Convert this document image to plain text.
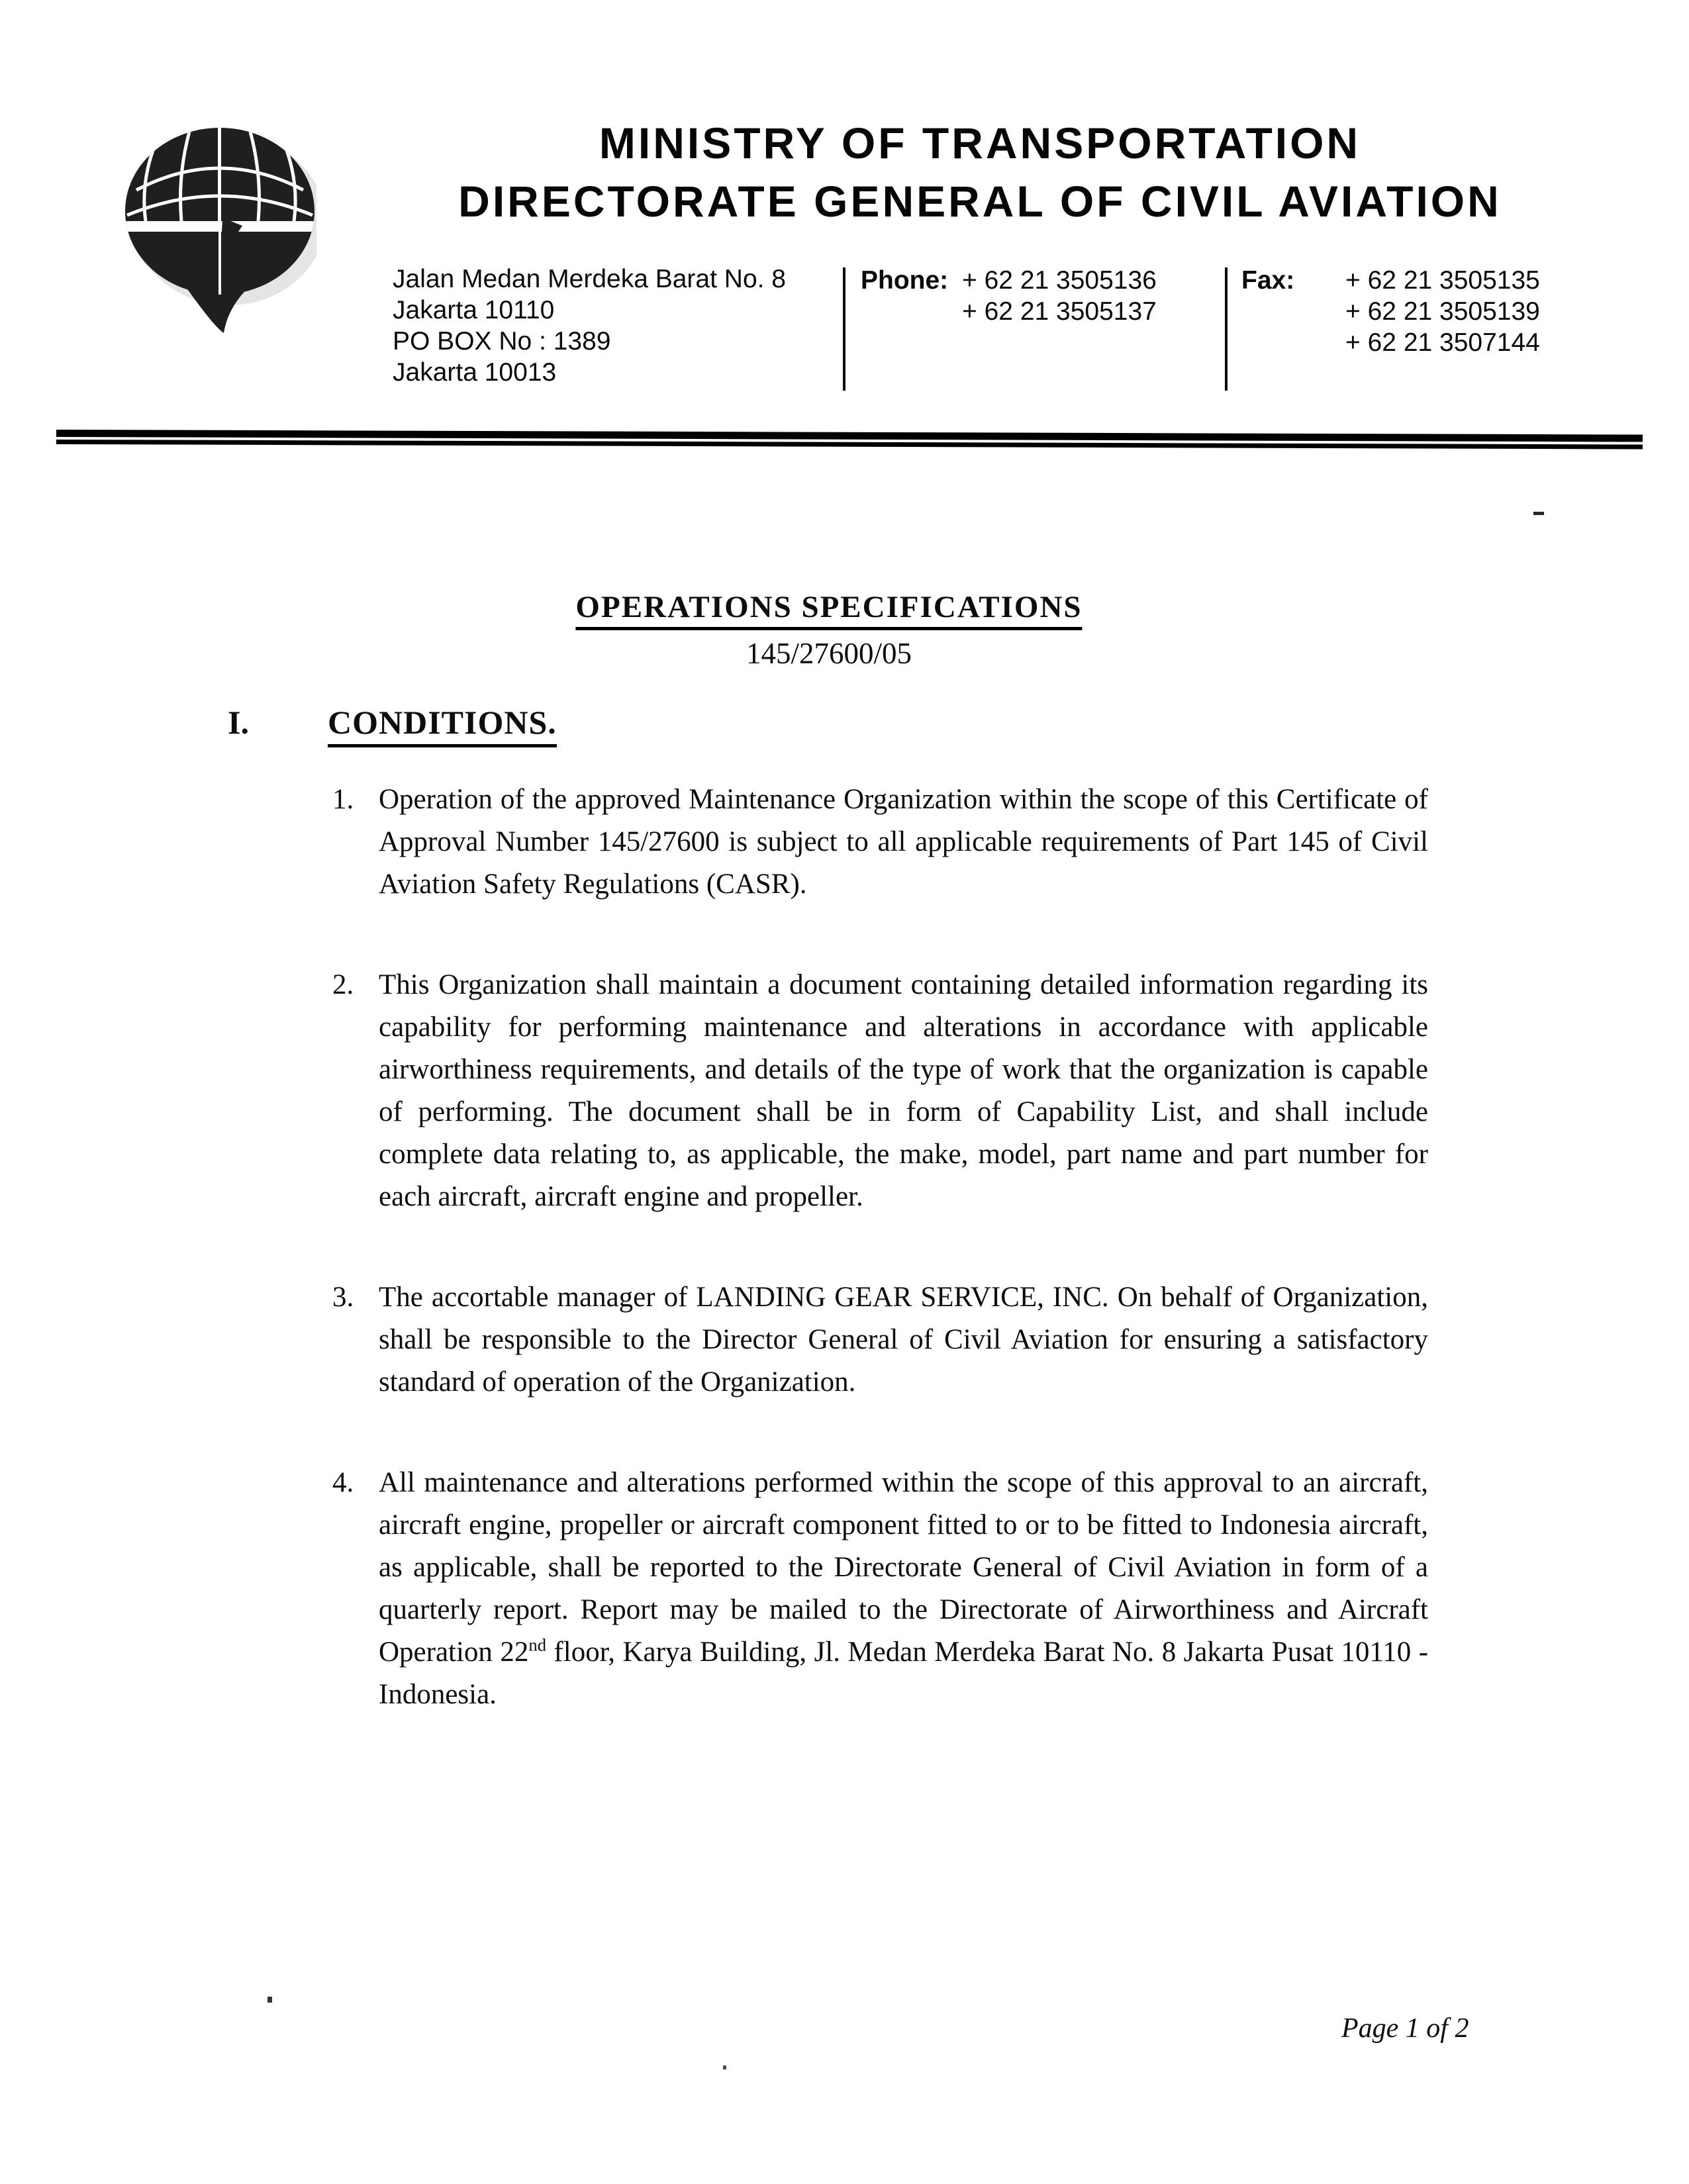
MINISTRY OF TRANSPORTATION
DIRECTORATE GENERAL OF CIVIL AVIATION
Jalan Medan Merdeka Barat No. 8
Jakarta 10110
PO BOX No : 1389
Jakarta 10013
Phone: + 62 21 3505136
+ 62 21 3505137
Fax:	+ 62 21 3505135
+ 62 21 3505139
+ 62 21 3507144
OPERATIONS SPECIFICATIONS
145/27600/05
I. CONDITIONS.
1. Operation of the approved Maintenance Organization within the scope of this Certificate of Approval Number 145/27600 is subject to all applicable requirements of Part 145 of Civil Aviation Safety Regulations (CASR).
2. This Organization shall maintain a document containing detailed information regarding its capability for performing maintenance and alterations in accordance with applicable airworthiness requirements, and details of the type of work that the organization is capable of performing. The document shall be in form of Capability List, and shall include complete data relating to, as applicable, the make, model, part name and part number for each aircraft, aircraft engine and propeller.
3. The accortable manager of LANDING GEAR SERVICE, INC. On behalf of Organization, shall be responsible to the Director General of Civil Aviation for ensuring a satisfactory standard of operation of the Organization.
4. All maintenance and alterations performed within the scope of this approval to an aircraft, aircraft engine, propeller or aircraft component fitted to or to be fitted to Indonesia aircraft, as applicable, shall be reported to the Directorate General of Civil Aviation in form of a quarterly report. Report may be mailed to the Directorate of Airworthiness and Aircraft Operation 22nd floor, Karya Building, Jl. Medan Merdeka Barat No. 8 Jakarta Pusat 10110 - Indonesia.
Page 1 of 2
